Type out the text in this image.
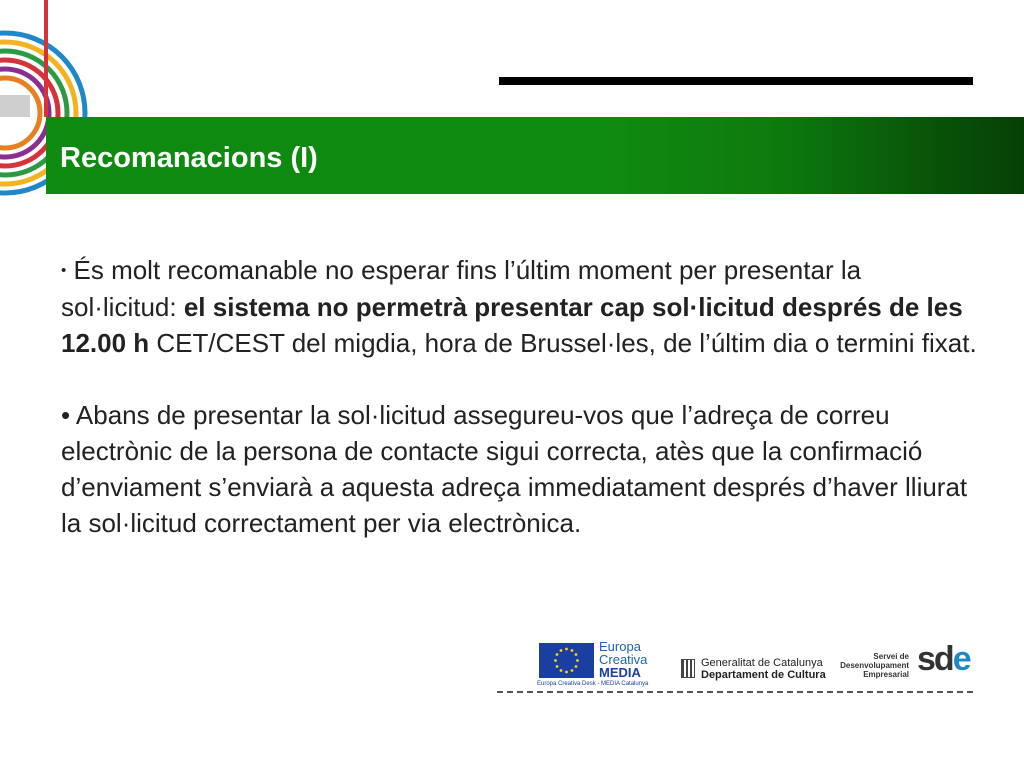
Recomanacions (I)

• És molt recomanable no esperar fins l’últim moment per presentar la sol·licitud: el sistema no permetrà presentar cap sol·licitud després de les 12.00 h CET/CEST del migdia, hora de Brussel·les, de l’últim dia o termini fixat.

• Abans de presentar la sol·licitud assegureu-vos que l’adreça de correu electrònic de la persona de contacte sigui correcta, atès que la confirmació d’enviament s’enviarà a aquesta adreça immediatament després d’haver lliurat la sol·licitud correctament per via electrònica.

Europa
Creativa
MEDIA
Europa Creativa Desk - MEDIA Catalunya
Generalitat de Catalunya
Departament de Cultura
Servei de
Desenvolupament
Empresarial sde
